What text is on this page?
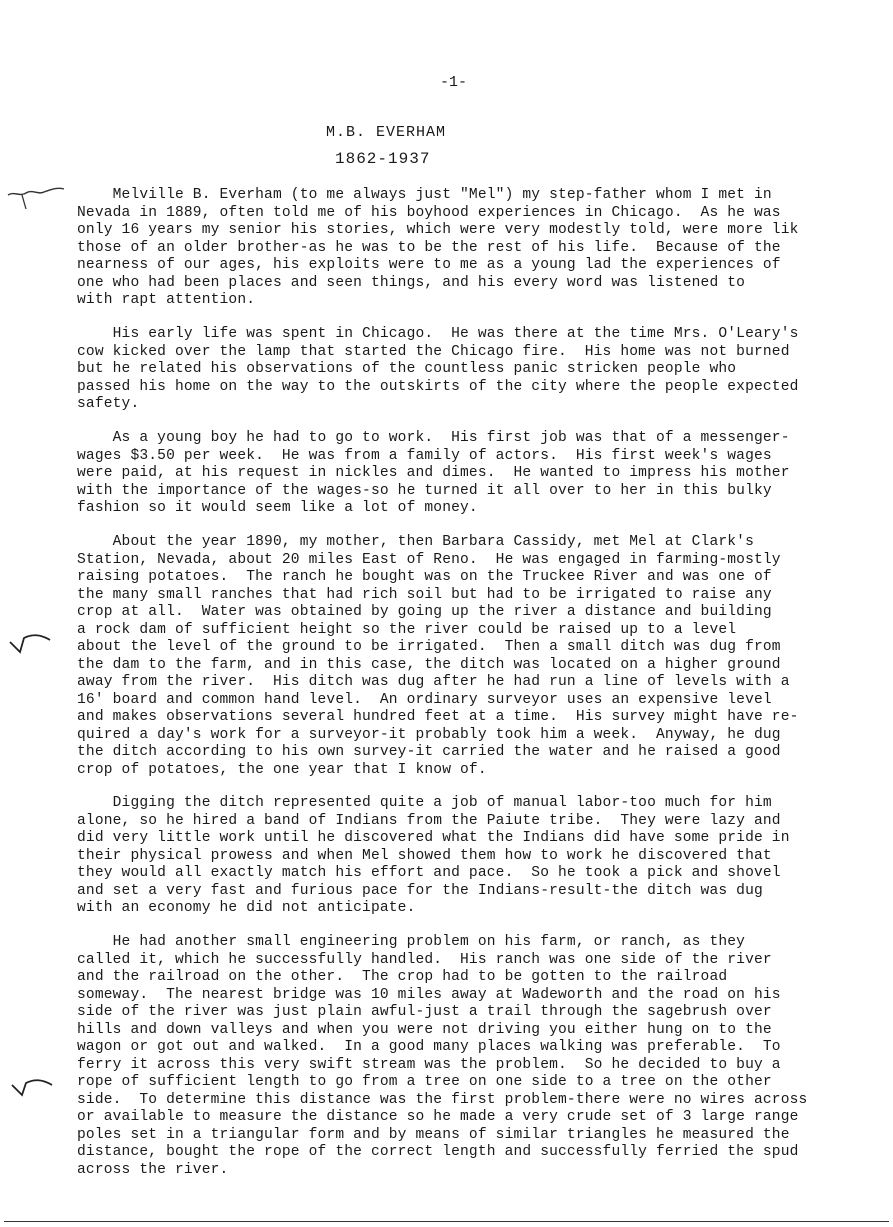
-1-
M.B. EVERHAM
1862-1937

Melville B. Everham (to me always just "Mel") my step-father whom I met in
Nevada in 1889, often told me of his boyhood experiences in Chicago.  As he was
only 16 years my senior his stories, which were very modestly told, were more lik
those of an older brother-as he was to be the rest of his life.  Because of the
nearness of our ages, his exploits were to me as a young lad the experiences of
one who had been places and seen things, and his every word was listened to
with rapt attention.

His early life was spent in Chicago.  He was there at the time Mrs. O'Leary's
cow kicked over the lamp that started the Chicago fire.  His home was not burned
but he related his observations of the countless panic stricken people who
passed his home on the way to the outskirts of the city where the people expected
safety.

As a young boy he had to go to work.  His first job was that of a messenger-
wages $3.50 per week.  He was from a family of actors.  His first week's wages
were paid, at his request in nickles and dimes.  He wanted to impress his mother
with the importance of the wages-so he turned it all over to her in this bulky
fashion so it would seem like a lot of money.

About the year 1890, my mother, then Barbara Cassidy, met Mel at Clark's
Station, Nevada, about 20 miles East of Reno.  He was engaged in farming-mostly
raising potatoes.  The ranch he bought was on the Truckee River and was one of
the many small ranches that had rich soil but had to be irrigated to raise any
crop at all.  Water was obtained by going up the river a distance and building
a rock dam of sufficient height so the river could be raised up to a level
about the level of the ground to be irrigated.  Then a small ditch was dug from
the dam to the farm, and in this case, the ditch was located on a higher ground
away from the river.  His ditch was dug after he had run a line of levels with a
16' board and common hand level.  An ordinary surveyor uses an expensive level
and makes observations several hundred feet at a time.  His survey might have re-
quired a day's work for a surveyor-it probably took him a week.  Anyway, he dug
the ditch according to his own survey-it carried the water and he raised a good
crop of potatoes, the one year that I know of.

Digging the ditch represented quite a job of manual labor-too much for him
alone, so he hired a band of Indians from the Paiute tribe.  They were lazy and
did very little work until he discovered what the Indians did have some pride in
their physical prowess and when Mel showed them how to work he discovered that
they would all exactly match his effort and pace.  So he took a pick and shovel
and set a very fast and furious pace for the Indians-result-the ditch was dug
with an economy he did not anticipate.

He had another small engineering problem on his farm, or ranch, as they
called it, which he successfully handled.  His ranch was one side of the river
and the railroad on the other.  The crop had to be gotten to the railroad
someway.  The nearest bridge was 10 miles away at Wadeworth and the road on his
side of the river was just plain awful-just a trail through the sagebrush over
hills and down valleys and when you were not driving you either hung on to the
wagon or got out and walked.  In a good many places walking was preferable.  To
ferry it across this very swift stream was the problem.  So he decided to buy a
rope of sufficient length to go from a tree on one side to a tree on the other
side.  To determine this distance was the first problem-there were no wires across
or available to measure the distance so he made a very crude set of 3 large range
poles set in a triangular form and by means of similar triangles he measured the
distance, bought the rope of the correct length and successfully ferried the spud
across the river.
